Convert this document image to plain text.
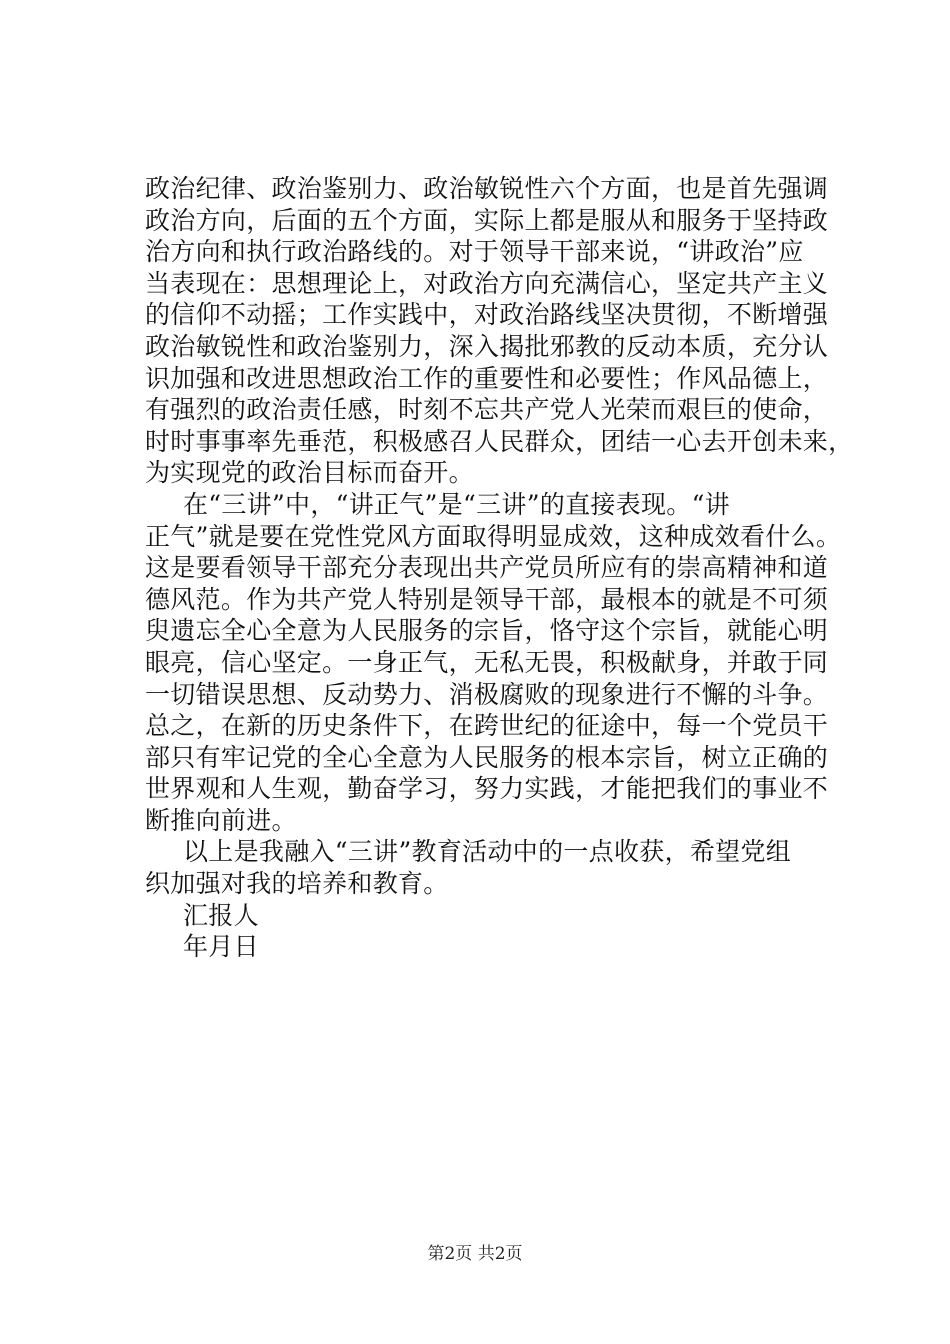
政治纪律、政治鉴别力、政治敏锐性六个方面，也是首先强调
政治方向，后面的五个方面，实际上都是服从和服务于坚持政
治方向和执行政治路线的。对于领导干部来说，“讲政治”应
当表现在：思想理论上，对政治方向充满信心，坚定共产主义
的信仰不动摇；工作实践中，对政治路线坚决贯彻，不断增强
政治敏锐性和政治鉴别力，深入揭批邪教的反动本质，充分认
识加强和改进思想政治工作的重要性和必要性；作风品德上，
有强烈的政治责任感，时刻不忘共产党人光荣而艰巨的使命，
时时事事率先垂范，积极感召人民群众，团结一心去开创未来，
为实现党的政治目标而奋开。
在“三讲”中，“讲正气”是“三讲”的直接表现。“讲
正气”就是要在党性党风方面取得明显成效，这种成效看什么。
这是要看领导干部充分表现出共产党员所应有的崇高精神和道
德风范。作为共产党人特别是领导干部，最根本的就是不可须
臾遗忘全心全意为人民服务的宗旨，恪守这个宗旨，就能心明
眼亮，信心坚定。一身正气，无私无畏，积极献身，并敢于同
一切错误思想、反动势力、消极腐败的现象进行不懈的斗争。
总之，在新的历史条件下，在跨世纪的征途中，每一个党员干
部只有牢记党的全心全意为人民服务的根本宗旨，树立正确的
世界观和人生观，勤奋学习，努力实践，才能把我们的事业不
断推向前进。
以上是我融入“三讲”教育活动中的一点收获，希望党组
织加强对我的培养和教育。
汇报人
年月日
第2页 共2页
